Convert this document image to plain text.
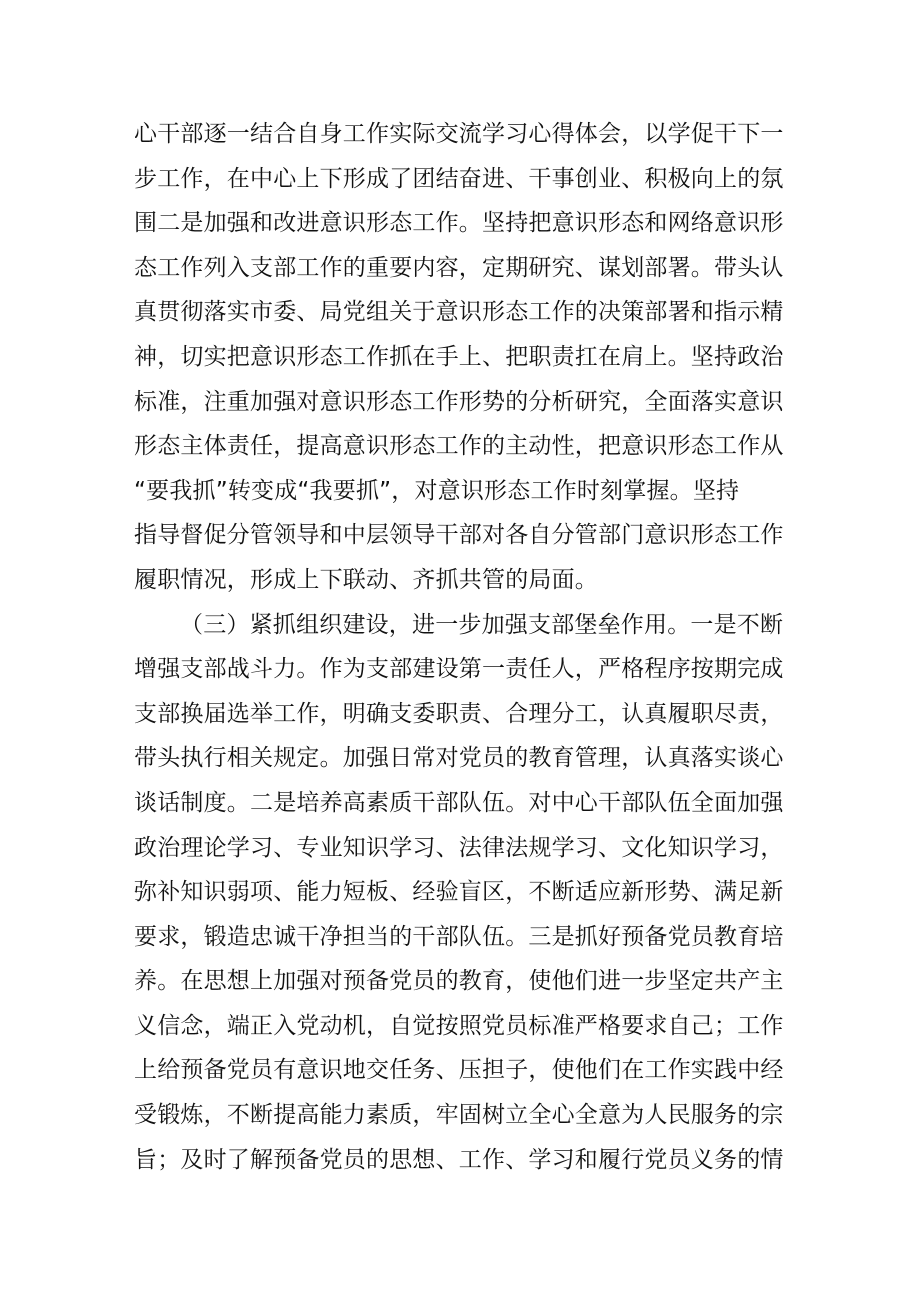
心干部逐一结合自身工作实际交流学习心得体会，以学促干下一
步工作，在中心上下形成了团结奋进、干事创业、积极向上的氛
围二是加强和改进意识形态工作。坚持把意识形态和网络意识形
态工作列入支部工作的重要内容，定期研究、谋划部署。带头认
真贯彻落实市委、局党组关于意识形态工作的决策部署和指示精
神，切实把意识形态工作抓在手上、把职责扛在肩上。坚持政治
标准，注重加强对意识形态工作形势的分析研究，全面落实意识
形态主体责任，提高意识形态工作的主动性，把意识形态工作从
“要我抓”转变成“我要抓”，对意识形态工作时刻掌握。坚持
指导督促分管领导和中层领导干部对各自分管部门意识形态工作
履职情况，形成上下联动、齐抓共管的局面。
（三）紧抓组织建设，进一步加强支部堡垒作用。一是不断
增强支部战斗力。作为支部建设第一责任人，严格程序按期完成
支部换届选举工作，明确支委职责、合理分工，认真履职尽责，
带头执行相关规定。加强日常对党员的教育管理，认真落实谈心
谈话制度。二是培养高素质干部队伍。对中心干部队伍全面加强
政治理论学习、专业知识学习、法律法规学习、文化知识学习，
弥补知识弱项、能力短板、经验盲区，不断适应新形势、满足新
要求，锻造忠诚干净担当的干部队伍。三是抓好预备党员教育培
养。在思想上加强对预备党员的教育，使他们进一步坚定共产主
义信念，端正入党动机，自觉按照党员标准严格要求自己；工作
上给预备党员有意识地交任务、压担子，使他们在工作实践中经
受锻炼，不断提高能力素质，牢固树立全心全意为人民服务的宗
旨；及时了解预备党员的思想、工作、学习和履行党员义务的情
